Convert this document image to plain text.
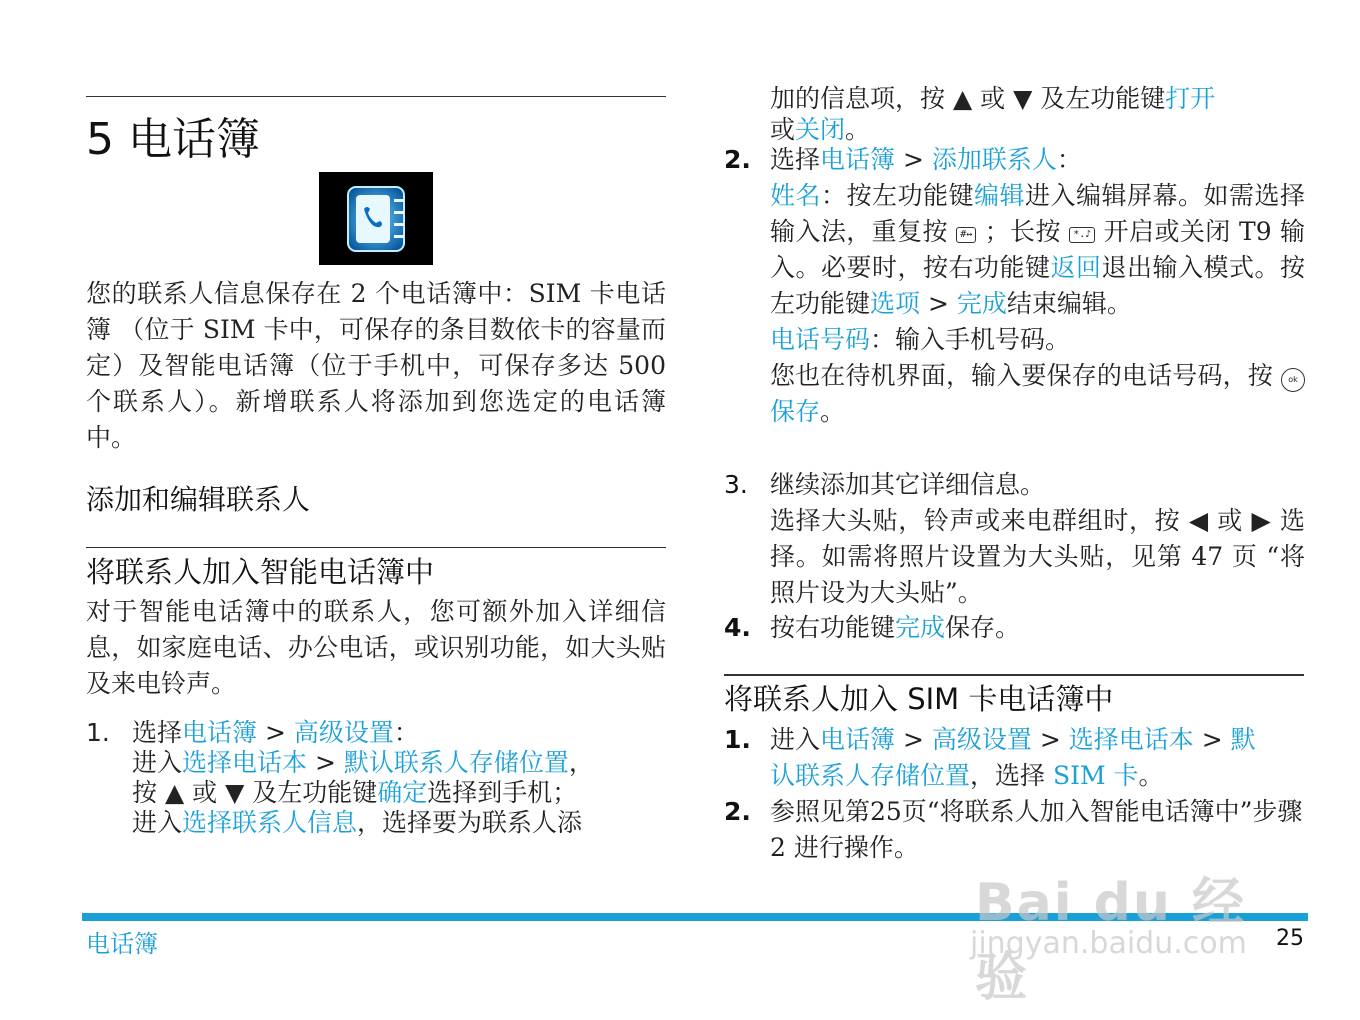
5 电话簿
您的联系人信息保存在 2 个电话簿中：SIM 卡电话簿 （位于 SIM 卡中，可保存的条目数依卡的容量而定）及智能电话簿（位于手机中，可保存多达 500 个联系人）。新增联系人将添加到您选定的电话簿中。
添加和编辑联系人
将联系人加入智能电话簿中
对于智能电话簿中的联系人，您可额外加入详细信息，如家庭电话、办公电话，或识别功能，如大头贴及来电铃声。
1. 选择电话簿 > 高级设置：
进入选择电话本 > 默认联系人存储位置，
按 ▲ 或 ▼ 及左功能键确定选择到手机；
进入选择联系人信息，选择要为联系人添
加的信息项，按 ▲ 或 ▼ 及左功能键打开
或关闭。
2. 选择电话簿 > 添加联系人：
姓名：按左功能键编辑进入编辑屏幕。如需选择输入法，重复按 #↔ ；长按 *.♪ 开启或关闭 T9 输入。必要时，按右功能键返回退出输入模式。按左功能键选项 > 完成结束编辑。
电话号码：输入手机号码。
您也在待机界面，输入要保存的电话号码，按 ok 保存。
3. 继续添加其它详细信息。
选择大头贴，铃声或来电群组时，按 ◀ 或 ▶ 选择。如需将照片设置为大头贴，见第 47 页 “将照片设为大头贴”。
4. 按右功能键完成保存。
将联系人加入 SIM 卡电话簿中
1. 进入电话簿 > 高级设置 > 选择电话本 > 默
认联系人存储位置，选择 SIM 卡。
2. 参照见第25页“将联系人加入智能电话簿中”步骤 2 进行操作。
电话簿	25
Bai du 经验
jingyan.baidu.com
